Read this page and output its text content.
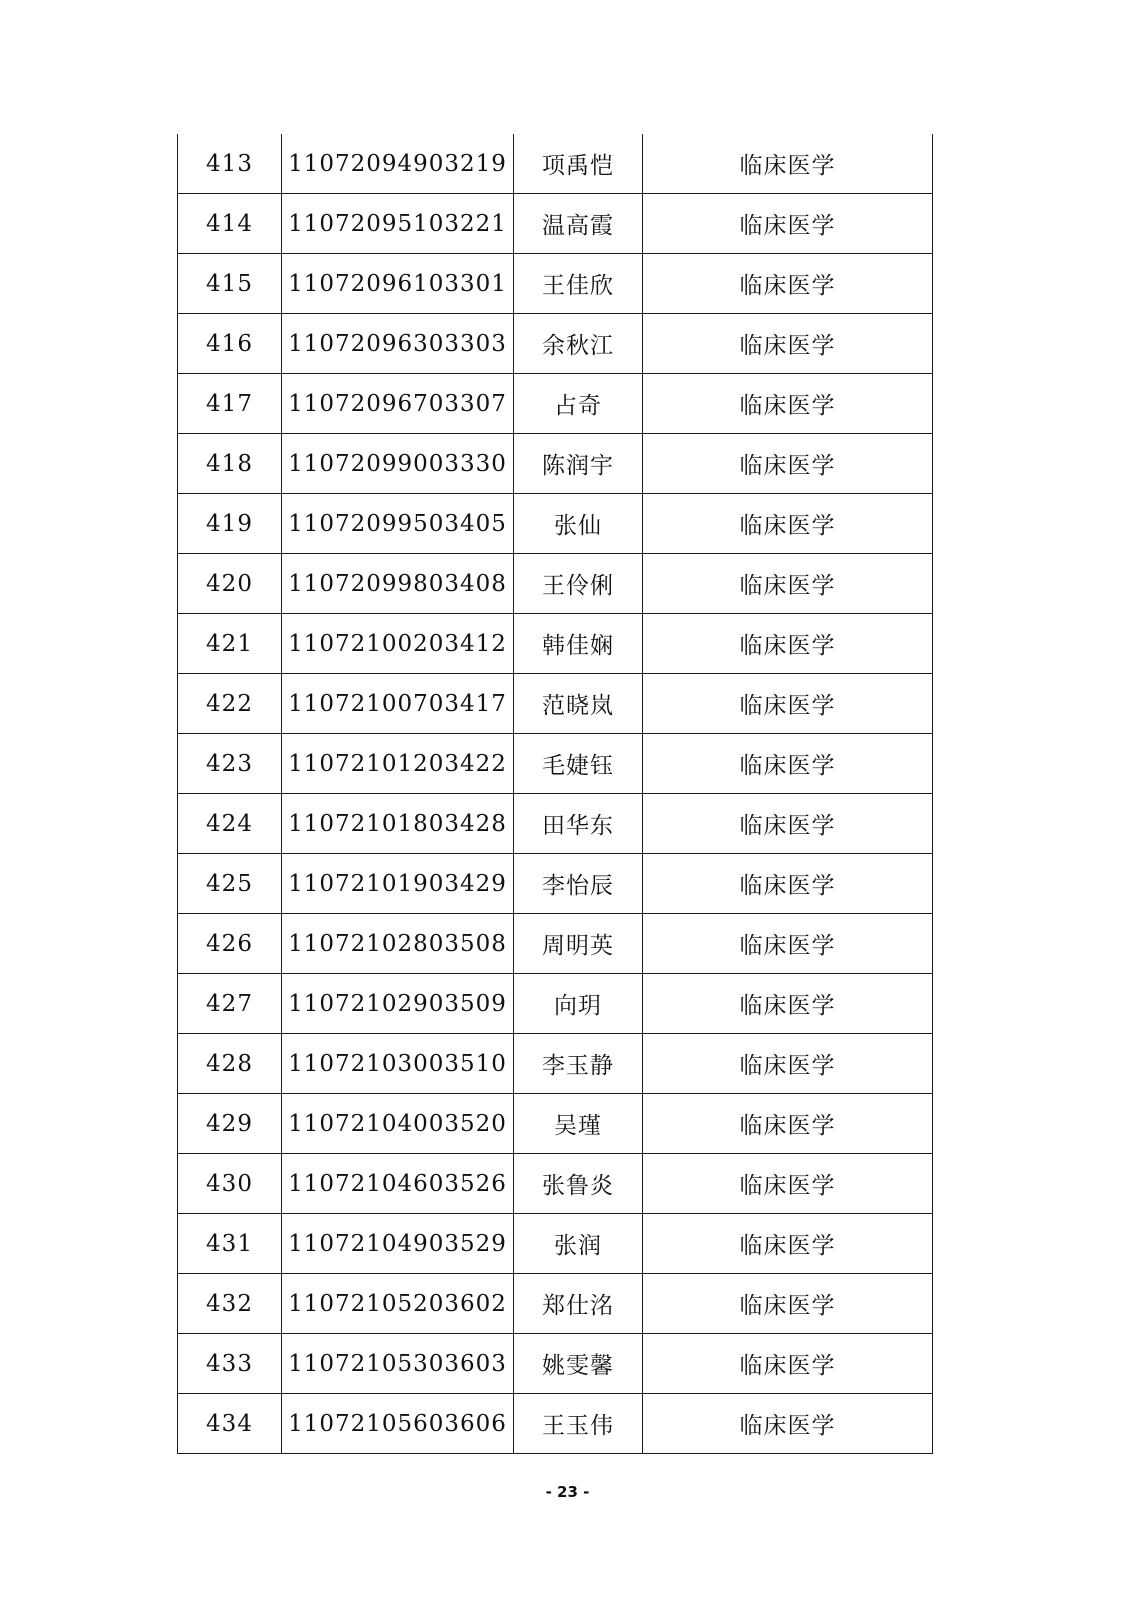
413	11072094903219	项禹恺	临床医学
414	11072095103221	温高霞	临床医学
415	11072096103301	王佳欣	临床医学
416	11072096303303	余秋江	临床医学
417	11072096703307	占奇	临床医学
418	11072099003330	陈润宇	临床医学
419	11072099503405	张仙	临床医学
420	11072099803408	王伶俐	临床医学
421	11072100203412	韩佳娴	临床医学
422	11072100703417	范晓岚	临床医学
423	11072101203422	毛婕钰	临床医学
424	11072101803428	田华东	临床医学
425	11072101903429	李怡辰	临床医学
426	11072102803508	周明英	临床医学
427	11072102903509	向玥	临床医学
428	11072103003510	李玉静	临床医学
429	11072104003520	吴瑾	临床医学
430	11072104603526	张鲁炎	临床医学
431	11072104903529	张润	临床医学
432	11072105203602	郑仕洺	临床医学
433	11072105303603	姚雯馨	临床医学
434	11072105603606	王玉伟	临床医学
- 23 -
